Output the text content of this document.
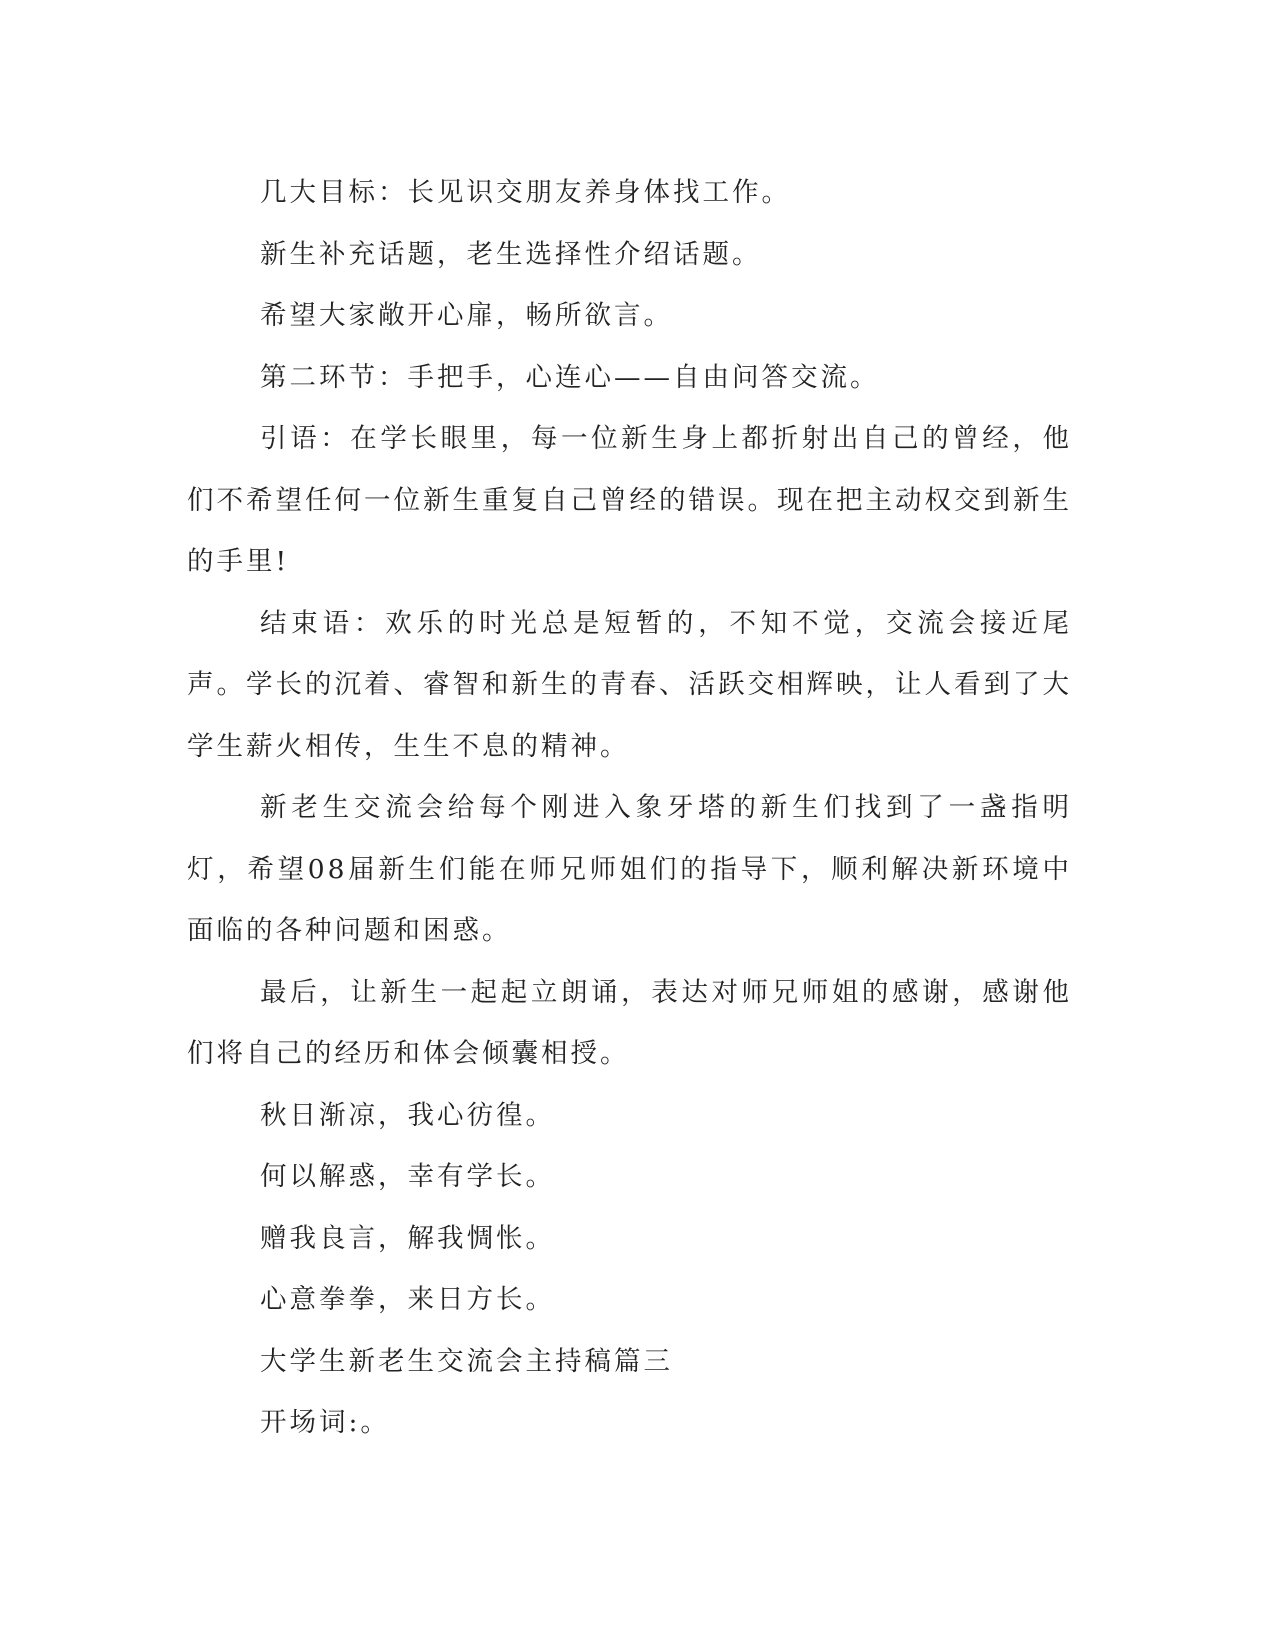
几大目标：长见识交朋友养身体找工作。

新生补充话题，老生选择性介绍话题。

希望大家敞开心扉，畅所欲言。

第二环节：手把手，心连心——自由问答交流。

引语：在学长眼里，每一位新生身上都折射出自己的曾经，他们不希望任何一位新生重复自己曾经的错误。现在把主动权交到新生的手里!

结束语：欢乐的时光总是短暂的，不知不觉，交流会接近尾声。学长的沉着、睿智和新生的青春、活跃交相辉映，让人看到了大学生薪火相传，生生不息的精神。

新老生交流会给每个刚进入象牙塔的新生们找到了一盏指明灯，希望08届新生们能在师兄师姐们的指导下，顺利解决新环境中面临的各种问题和困惑。

最后，让新生一起起立朗诵，表达对师兄师姐的感谢，感谢他们将自己的经历和体会倾囊相授。

秋日渐凉，我心彷徨。

何以解惑，幸有学长。

赠我良言，解我惆怅。

心意拳拳，来日方长。

大学生新老生交流会主持稿篇三

开场词:。
